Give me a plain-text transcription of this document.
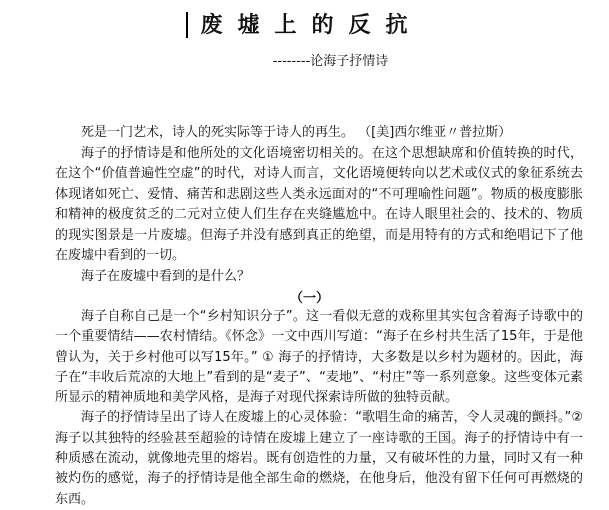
废墟上的反抗
--------论海子抒情诗

死是一门艺术，诗人的死实际等于诗人的再生。 （[美]西尔维亚〃普拉斯）

海子的抒情诗是和他所处的文化语境密切相关的。在这个思想缺席和价值转换的时代，在这个“价值普遍性空虚”的时代，对诗人而言，文化语境便转向以艺术或仪式的象征系统去体现诸如死亡、爱情、痛苦和悲剧这些人类永远面对的“不可理喻性问题”。物质的极度膨胀和精神的极度贫乏的二元对立使人们生存在夹缝尴尬中。在诗人眼里社会的、技术的、物质的现实图景是一片废墟。但海子并没有感到真正的绝望，而是用特有的方式和绝唱记下了他在废墟中看到的一切。

海子在废墟中看到的是什么？

（一）

海子自称自己是一个“乡村知识分子”。这一看似无意的戏称里其实包含着海子诗歌中的一个重要情结——农村情结。《怀念》一文中西川写道：“海子在乡村共生活了15年，于是他曾认为，关于乡村他可以写15年。” ① 海子的抒情诗，大多数是以乡村为题材的。因此，海子在“丰收后荒凉的大地上”看到的是“麦子”、“麦地”、“村庄”等一系列意象。这些变体元素所显示的精神质地和美学风格，是海子对现代探索诗所做的独特贡献。

海子的抒情诗呈出了诗人在废墟上的心灵体验：“歌唱生命的痛苦，令人灵魂的颤抖。”②海子以其独特的经验甚至超验的诗情在废墟上建立了一座诗歌的王国。海子的抒情诗中有一种质感在流动，就像地壳里的熔岩。既有创造性的力量，又有破坏性的力量，同时又有一种被灼伤的感觉，海子的抒情诗是他全部生命的燃烧，在他身后，他没有留下任何可再燃烧的东西。
